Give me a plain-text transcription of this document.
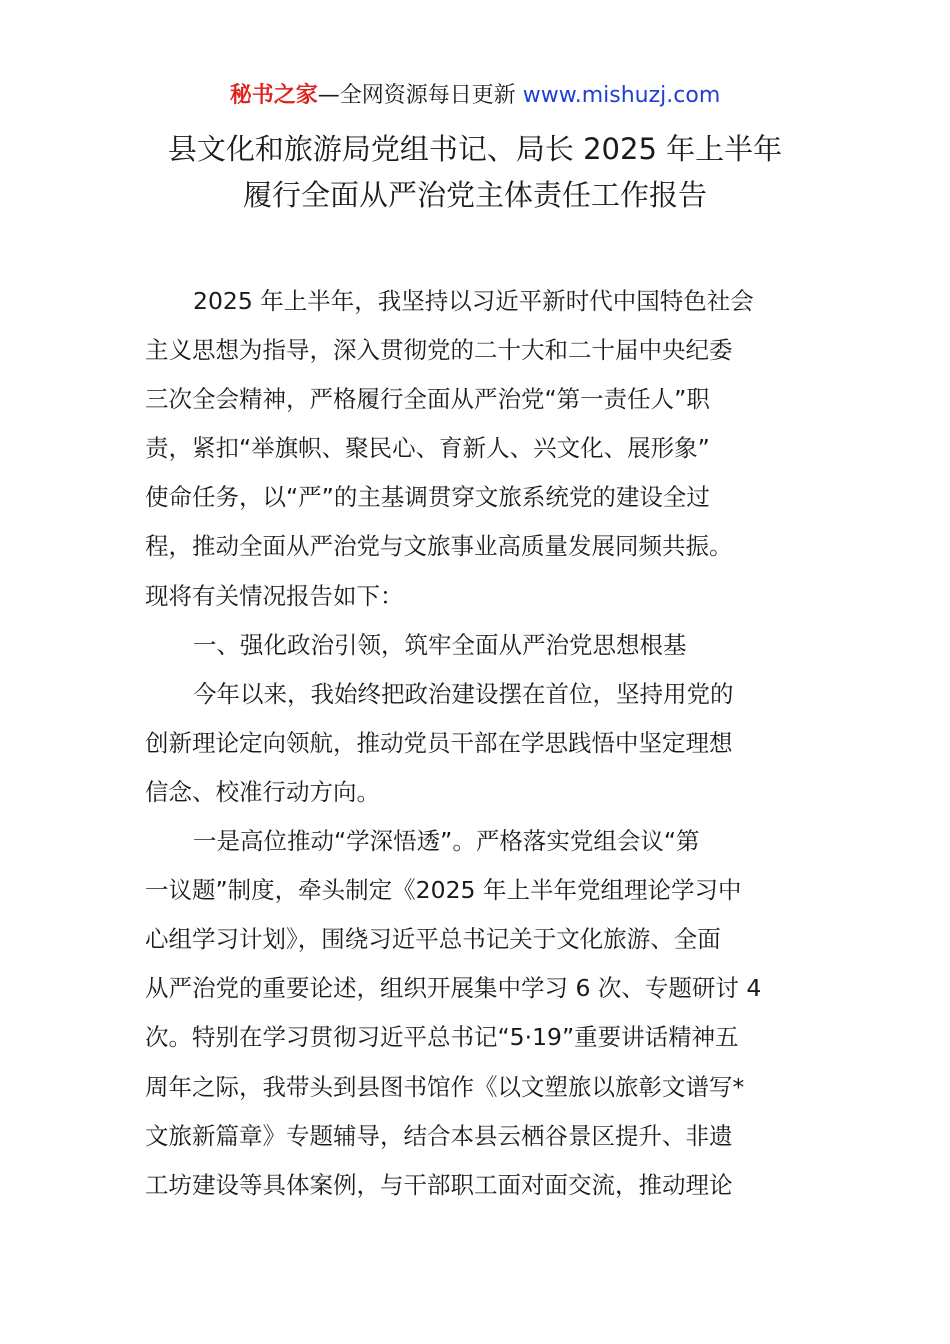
秘书之家—全网资源每日更新 www.mishuzj.com
县文化和旅游局党组书记、局长 2025 年上半年
履行全面从严治党主体责任工作报告
2025 年上半年，我坚持以习近平新时代中国特色社会
主义思想为指导，深入贯彻党的二十大和二十届中央纪委
三次全会精神，严格履行全面从严治党“第一责任人”职
责，紧扣“举旗帜、聚民心、育新人、兴文化、展形象”
使命任务，以“严”的主基调贯穿文旅系统党的建设全过
程，推动全面从严治党与文旅事业高质量发展同频共振。
现将有关情况报告如下：
一、强化政治引领，筑牢全面从严治党思想根基
今年以来，我始终把政治建设摆在首位，坚持用党的
创新理论定向领航，推动党员干部在学思践悟中坚定理想
信念、校准行动方向。
一是高位推动“学深悟透”。严格落实党组会议“第
一议题”制度，牵头制定《2025 年上半年党组理论学习中
心组学习计划》，围绕习近平总书记关于文化旅游、全面
从严治党的重要论述，组织开展集中学习 6 次、专题研讨 4
次。特别在学习贯彻习近平总书记“5·19”重要讲话精神五
周年之际，我带头到县图书馆作《以文塑旅以旅彰文谱写*
文旅新篇章》专题辅导，结合本县云栖谷景区提升、非遗
工坊建设等具体案例，与干部职工面对面交流，推动理论
